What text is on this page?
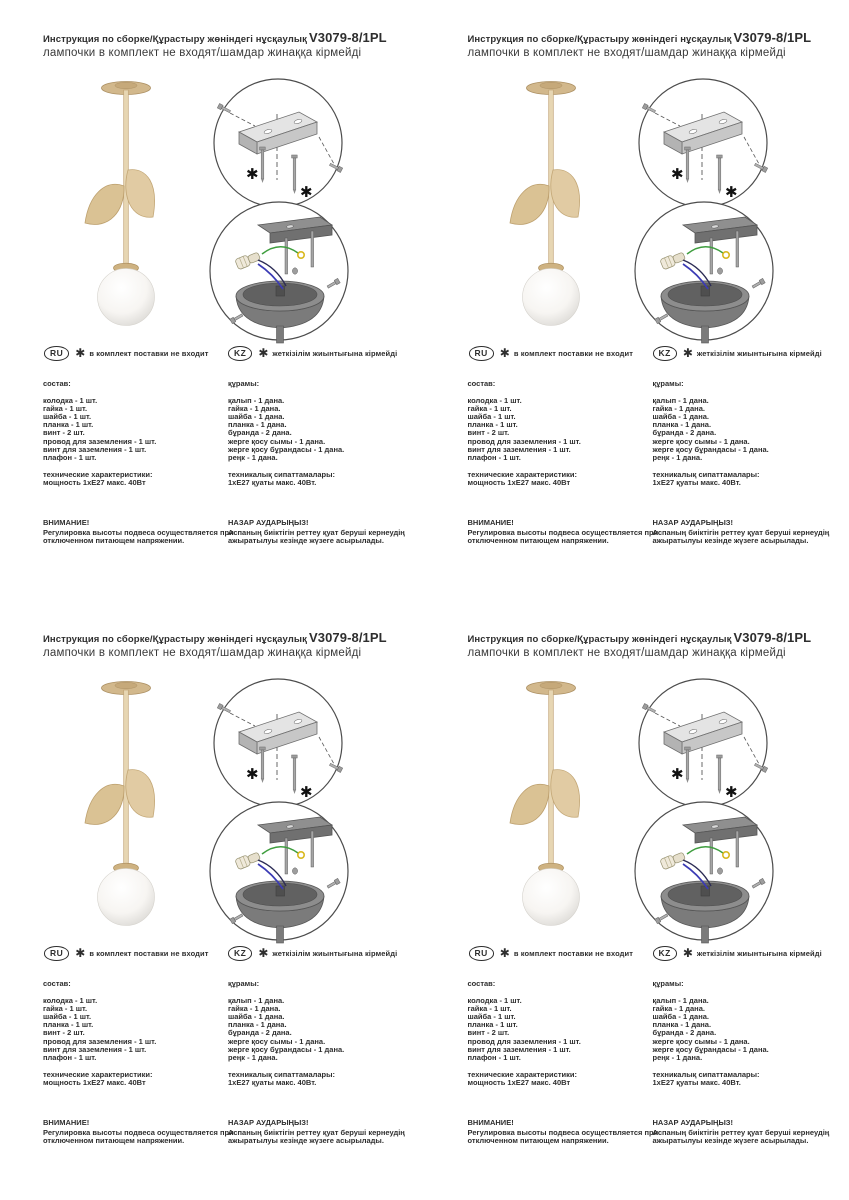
Инструкция по сборке/Құрастыру жөніндегі нұсқаулық V3079-8/1PL
лампочки в комплект не входят/шамдар жинаққа кірмейді
✱
✱
RU	✱ в комплект поставки не входит	KZ	✱ жеткізілім жиынтығына кірмейді
состав:
колодка - 1 шт.
гайка - 1 шт.
шайба - 1 шт.
планка - 1 шт.
винт - 2 шт.
провод для заземления - 1 шт.
винт для заземления - 1 шт.
плафон - 1 шт.
технические характеристики:
мощность 1хЕ27 макс. 40Вт
құрамы:
қалып - 1 дана.
гайка - 1 дана.
шайба - 1 дана.
планка - 1 дана.
бұранда - 2 дана.
жерге қосу сымы - 1 дана.
жерге қосу бұрандасы - 1 дана.
реңк - 1 дана.
техникалық сипаттамалары:
1хЕ27 қуаты макс. 40Вт.
ВНИМАНИЕ!
Регулировка высоты подвеса осуществляется при отключенном питающем напряжении.
НАЗАР АУДАРЫҢЫЗ!
Аспаның биіктігін реттеу қуат беруші кернеудің ажыратылуы кезінде жүзеге асырылады.
Инструкция по сборке/Құрастыру жөніндегі нұсқаулық V3079-8/1PL
лампочки в комплект не входят/шамдар жинаққа кірмейді
✱
✱
RU	✱ в комплект поставки не входит	KZ	✱ жеткізілім жиынтығына кірмейді
состав:
колодка - 1 шт.
гайка - 1 шт.
шайба - 1 шт.
планка - 1 шт.
винт - 2 шт.
провод для заземления - 1 шт.
винт для заземления - 1 шт.
плафон - 1 шт.
технические характеристики:
мощность 1хЕ27 макс. 40Вт
құрамы:
қалып - 1 дана.
гайка - 1 дана.
шайба - 1 дана.
планка - 1 дана.
бұранда - 2 дана.
жерге қосу сымы - 1 дана.
жерге қосу бұрандасы - 1 дана.
реңк - 1 дана.
техникалық сипаттамалары:
1хЕ27 қуаты макс. 40Вт.
ВНИМАНИЕ!
Регулировка высоты подвеса осуществляется при отключенном питающем напряжении.
НАЗАР АУДАРЫҢЫЗ!
Аспаның биіктігін реттеу қуат беруші кернеудің ажыратылуы кезінде жүзеге асырылады.
Инструкция по сборке/Құрастыру жөніндегі нұсқаулық V3079-8/1PL
лампочки в комплект не входят/шамдар жинаққа кірмейді
✱
✱
RU	✱ в комплект поставки не входит	KZ	✱ жеткізілім жиынтығына кірмейді
состав:
колодка - 1 шт.
гайка - 1 шт.
шайба - 1 шт.
планка - 1 шт.
винт - 2 шт.
провод для заземления - 1 шт.
винт для заземления - 1 шт.
плафон - 1 шт.
технические характеристики:
мощность 1хЕ27 макс. 40Вт
құрамы:
қалып - 1 дана.
гайка - 1 дана.
шайба - 1 дана.
планка - 1 дана.
бұранда - 2 дана.
жерге қосу сымы - 1 дана.
жерге қосу бұрандасы - 1 дана.
реңк - 1 дана.
техникалық сипаттамалары:
1хЕ27 қуаты макс. 40Вт.
ВНИМАНИЕ!
Регулировка высоты подвеса осуществляется при отключенном питающем напряжении.
НАЗАР АУДАРЫҢЫЗ!
Аспаның биіктігін реттеу қуат беруші кернеудің ажыратылуы кезінде жүзеге асырылады.
Инструкция по сборке/Құрастыру жөніндегі нұсқаулық V3079-8/1PL
лампочки в комплект не входят/шамдар жинаққа кірмейді
✱
✱
RU	✱ в комплект поставки не входит	KZ	✱ жеткізілім жиынтығына кірмейді
состав:
колодка - 1 шт.
гайка - 1 шт.
шайба - 1 шт.
планка - 1 шт.
винт - 2 шт.
провод для заземления - 1 шт.
винт для заземления - 1 шт.
плафон - 1 шт.
технические характеристики:
мощность 1хЕ27 макс. 40Вт
құрамы:
қалып - 1 дана.
гайка - 1 дана.
шайба - 1 дана.
планка - 1 дана.
бұранда - 2 дана.
жерге қосу сымы - 1 дана.
жерге қосу бұрандасы - 1 дана.
реңк - 1 дана.
техникалық сипаттамалары:
1хЕ27 қуаты макс. 40Вт.
ВНИМАНИЕ!
Регулировка высоты подвеса осуществляется при отключенном питающем напряжении.
НАЗАР АУДАРЫҢЫЗ!
Аспаның биіктігін реттеу қуат беруші кернеудің ажыратылуы кезінде жүзеге асырылады.
